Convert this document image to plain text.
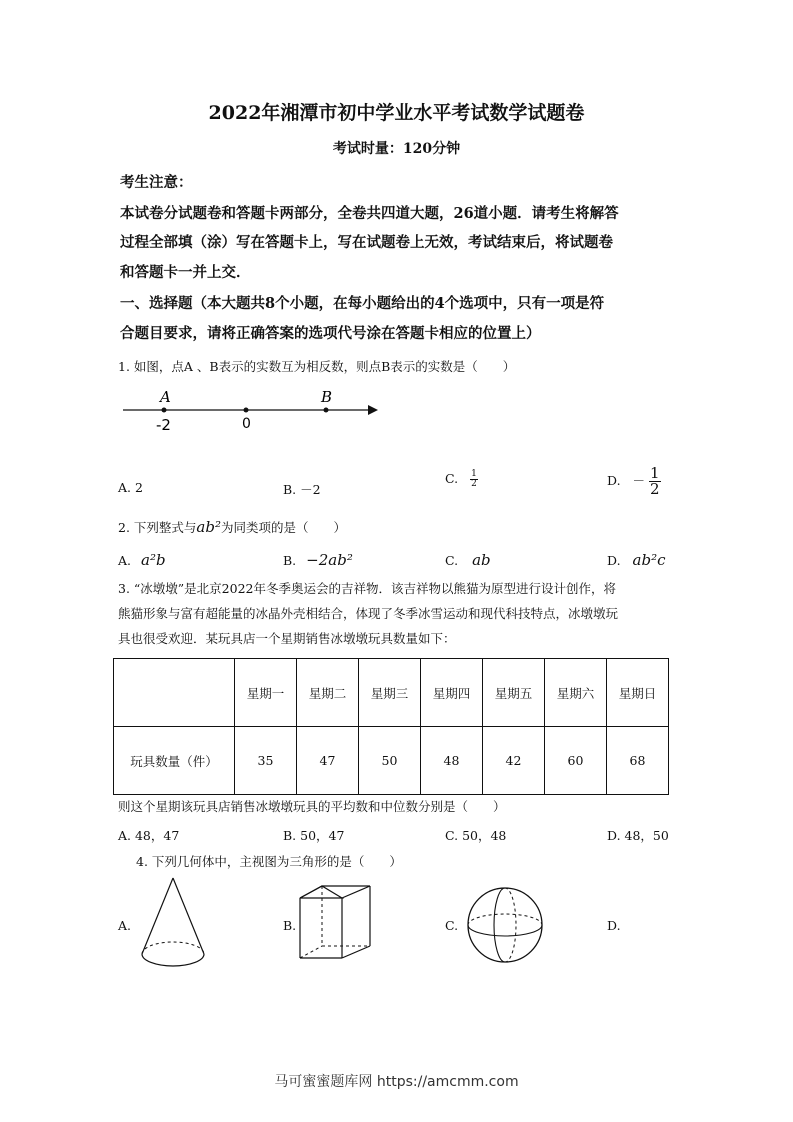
2022年湘潭市初中学业水平考试数学试题卷
考试时量：120分钟
考生注意：
本试卷分试题卷和答题卡两部分，全卷共四道大题，26道小题．请考生将解答
过程全部填（涂）写在答题卡上，写在试题卷上无效，考试结束后，将试题卷
和答题卡一并上交．
一、选择题（本大题共8个小题，在每小题给出的4个选项中，只有一项是符
合题目要求，请将正确答案的选项代号涂在答题卡相应的位置上）
1. 如图，点A 、B表示的实数互为相反数，则点B表示的实数是（　　）
A	B
-2	0
A. 2	B. －2
C. $\frac{1}{2}$	D. － $\frac{1}{2}$
2. 下列整式与ab²为同类项的是（　　）
A. a²b	B. −2ab²	C. ab	D. ab²c
3. “冰墩墩”是北京2022年冬季奥运会的吉祥物．该吉祥物以熊猫为原型进行设计创作，将
熊猫形象与富有超能量的冰晶外壳相结合，体现了冬季冰雪运动和现代科技特点，冰墩墩玩
具也很受欢迎．某玩具店一个星期销售冰墩墩玩具数量如下：
	星期一	星期二	星期三	星期四	星期五	星期六	星期日
玩具数量（件）	35	47	50	48	42	60	68
则这个星期该玩具店销售冰墩墩玩具的平均数和中位数分别是（　　）
A. 48，47	B. 50，47	C. 50，48	D. 48，50
4. 下列几何体中，主视图为三角形的是（　　）
A.	B.	C.	D.
马可蜜蜜题库网 https://amcmm.com
